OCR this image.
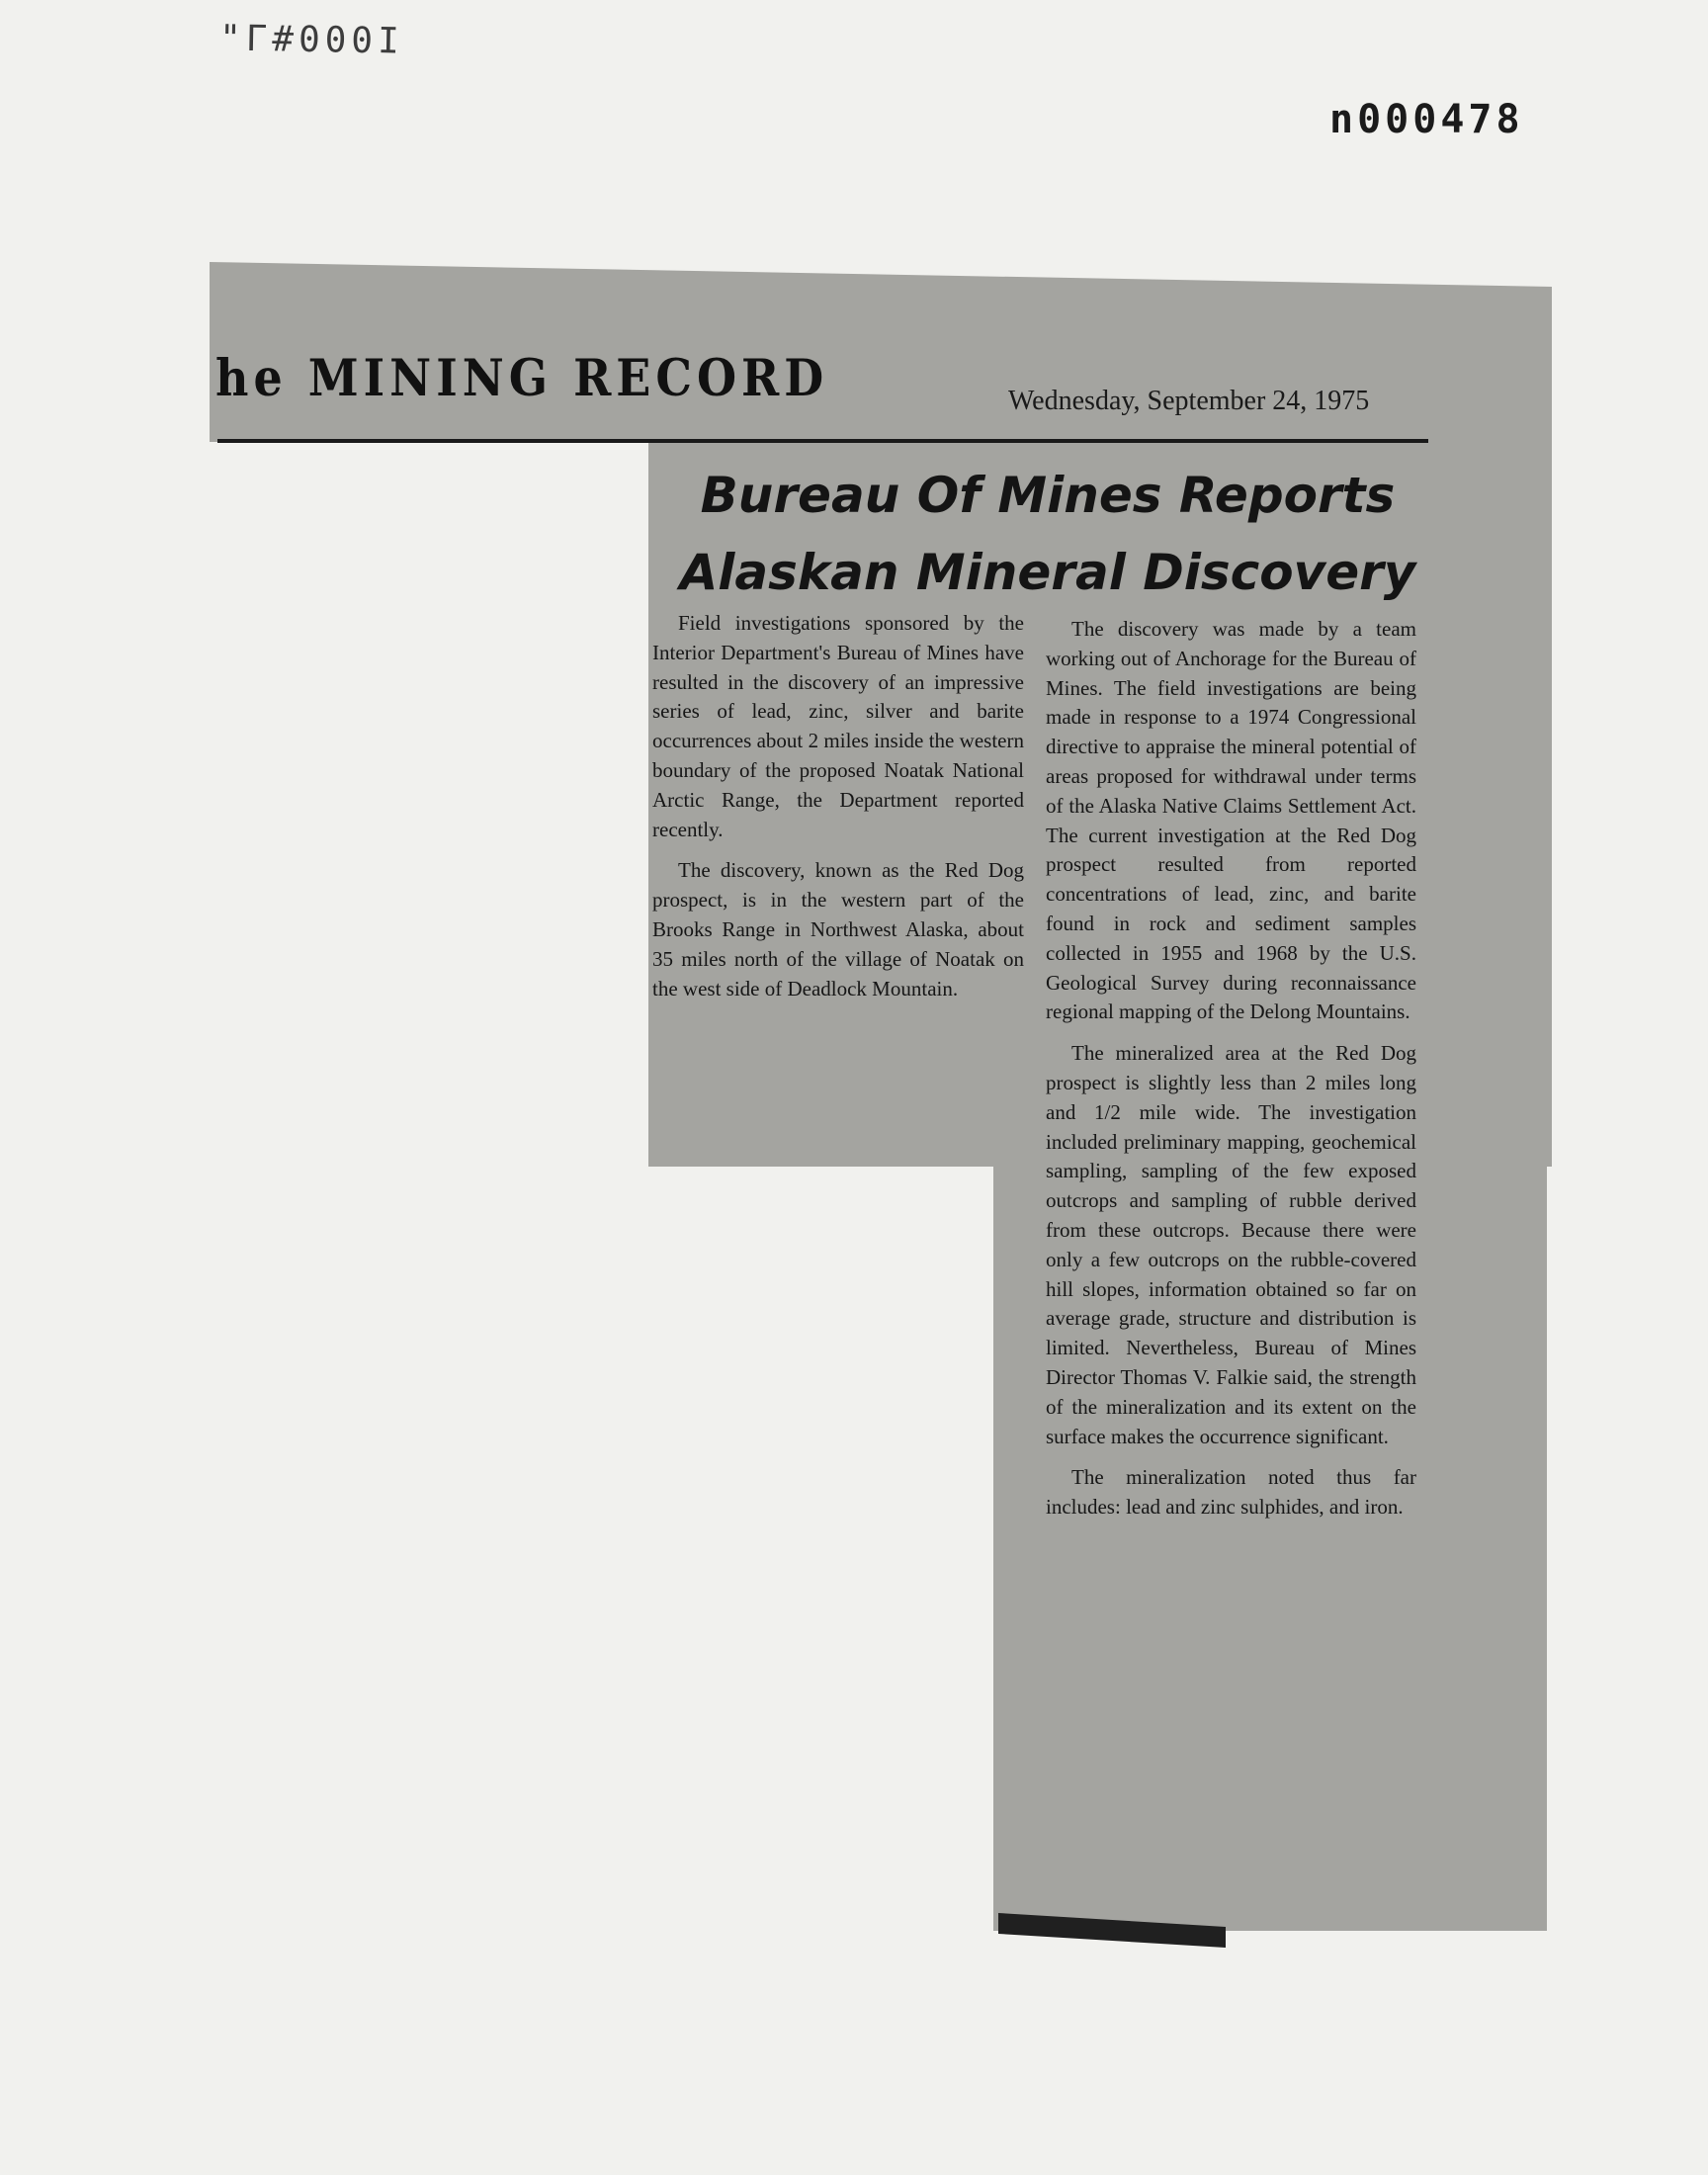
"Г#000І
n000478
he MINING RECORD	Wednesday, September 24, 1975
Bureau Of Mines Reports
Alaskan Mineral Discovery

Field investigations sponsored by the Interior Department's Bureau of Mines have resulted in the discovery of an impressive series of lead, zinc, silver and barite occurrences about 2 miles inside the western boundary of the proposed Noatak National Arctic Range, the Department reported recently.

The discovery, known as the Red Dog prospect, is in the western part of the Brooks Range in Northwest Alaska, about 35 miles north of the village of Noatak on the west side of Deadlock Mountain.

The discovery was made by a team working out of Anchorage for the Bureau of Mines. The field investigations are being made in response to a 1974 Congressional directive to appraise the mineral potential of areas proposed for withdrawal under terms of the Alaska Native Claims Settlement Act. The current investigation at the Red Dog prospect resulted from reported concentrations of lead, zinc, and barite found in rock and sediment samples collected in 1955 and 1968 by the U.S. Geological Survey during reconnaissance regional mapping of the Delong Mountains.

The mineralized area at the Red Dog prospect is slightly less than 2 miles long and 1/2 mile wide. The investigation included preliminary mapping, geochemical sampling, sampling of the few exposed outcrops and sampling of rubble derived from these outcrops. Because there were only a few outcrops on the rubble-covered hill slopes, information obtained so far on average grade, structure and distribution is limited. Nevertheless, Bureau of Mines Director Thomas V. Falkie said, the strength of the mineralization and its extent on the surface makes the occurrence significant.

The mineralization noted thus far includes: lead and zinc sulphides, and iron.
